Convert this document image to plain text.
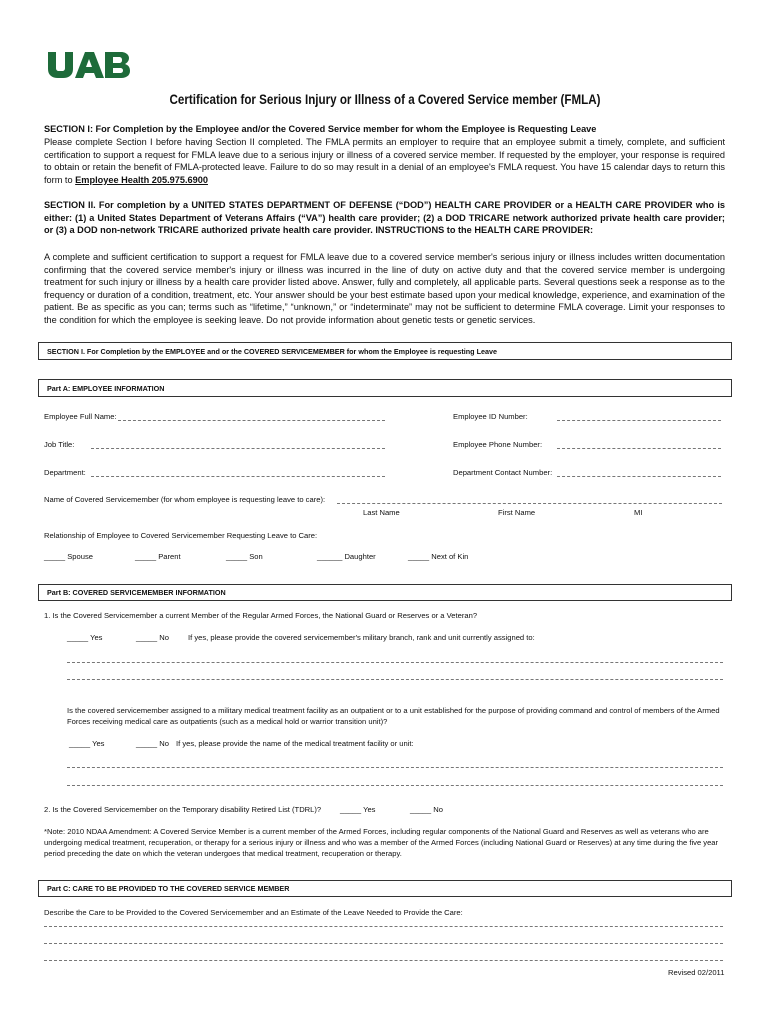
Certification for Serious Injury or Illness of a Covered Service member (FMLA)
SECTION I: For Completion by the Employee and/or the Covered Service member for whom the Employee is Requesting Leave
Please complete Section I before having Section II completed. The FMLA permits an employer to require that an employee submit a timely, complete, and sufficient certification to support a request for FMLA leave due to a serious injury or illness of a covered service member. If requested by the employer, your response is required to obtain or retain the benefit of FMLA-protected leave. Failure to do so may result in a denial of an employee's FMLA request. You have 15 calendar days to return this form to Employee Health 205.975.6900
SECTION II. For completion by a UNITED STATES DEPARTMENT OF DEFENSE (“DOD”) HEALTH CARE PROVIDER or a HEALTH CARE PROVIDER who is either: (1) a United States Department of Veterans Affairs (“VA”) health care provider; (2) a DOD TRICARE network authorized private health care provider; or (3) a DOD non-network TRICARE authorized private health care provider. INSTRUCTIONS to the HEALTH CARE PROVIDER:
A complete and sufficient certification to support a request for FMLA leave due to a covered service member's serious injury or illness includes written documentation confirming that the covered service member's injury or illness was incurred in the line of duty on active duty and that the covered service member is undergoing treatment for such injury or illness by a health care provider listed above. Answer, fully and completely, all applicable parts. Several questions seek a response as to the frequency or duration of a condition, treatment, etc. Your answer should be your best estimate based upon your medical knowledge, experience, and examination of the patient. Be as specific as you can; terms such as “lifetime,” “unknown,” or “indeterminate” may not be sufficient to determine FMLA coverage. Limit your responses to the condition for which the employee is seeking leave. Do not provide information about genetic tests or genetic services.
SECTION I. For Completion by the EMPLOYEE and or the COVERED SERVICEMEMBER for whom the Employee is requesting Leave
Part A: EMPLOYEE INFORMATION
Employee Full Name:	Employee ID Number:
Job Title:	Employee Phone Number:
Department:	Department Contact Number:
Name of Covered Servicemember (for whom employee is requesting leave to care):
Last Name	First Name	MI
Relationship of Employee to Covered Servicemember Requesting Leave to Care:
_____ Spouse	_____ Parent	_____ Son	______ Daughter	_____ Next of Kin
Part B: COVERED SERVICEMEMBER INFORMATION
1. Is the Covered Servicemember a current Member of the Regular Armed Forces, the National Guard or Reserves or a Veteran?
_____ Yes	_____ No	If yes, please provide the covered servicemember's military branch, rank and unit currently assigned to:
Is the covered servicemember assigned to a military medical treatment facility as an outpatient or to a unit established for the purpose of providing command and control of members of the Armed Forces receiving medical care as outpatients (such as a medical hold or warrior transition unit)?
_____ Yes	_____ No If yes, please provide the name of the medical treatment facility or unit:
2. Is the Covered Servicemember on the Temporary disability Retired List (TDRL)? _____ Yes	_____ No
*Note: 2010 NDAA Amendment: A Covered Service Member is a current member of the Armed Forces, including regular components of the National Guard and Reserves as well as veterans who are undergoing medical treatment, recuperation, or therapy for a serious injury or illness and who was a member of the Armed Forces (including National Guard or Reserves) at any time during the five year period preceding the date on which the veteran undergoes that medical treatment, recuperation or therapy.
Part C: CARE TO BE PROVIDED TO THE COVERED SERVICE MEMBER
Describe the Care to be Provided to the Covered Servicemember and an Estimate of the Leave Needed to Provide the Care:
Revised 02/2011
